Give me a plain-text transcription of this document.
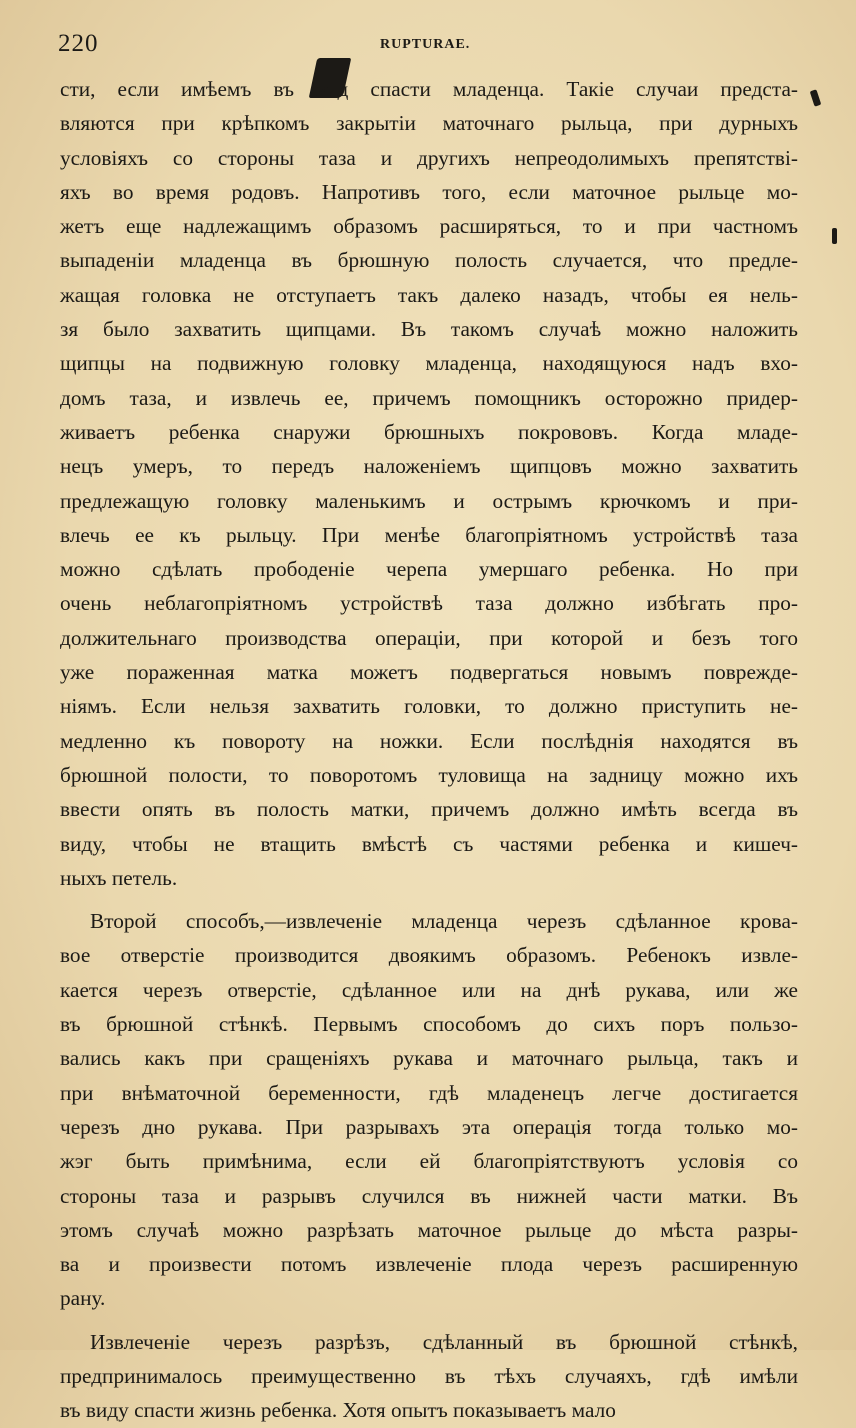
220	RUPTURAE.
сти, если имѣемъ въ вид спасти младенца. Такіе случаи предста-
вляются при крѣпкомъ закрытіи маточнаго рыльца, при дурныхъ
условіяхъ со стороны таза и другихъ непреодолимыхъ препятстві-
яхъ во время родовъ. Напротивъ того, если маточное рыльце мо-
жетъ еще надлежащимъ образомъ расширяться, то и при частномъ
выпаденіи младенца въ брюшную полость случается, что предле-
жащая головка не отступаетъ такъ далеко назадъ, чтобы ея нель-
зя было захватить щипцами. Въ такомъ случаѣ можно наложить
щипцы на подвижную головку младенца, находящуюся надъ вхо-
домъ таза, и извлечь ее, причемъ помощникъ осторожно придер-
живаетъ ребенка снаружи брюшныхъ покрововъ. Когда младе-
нецъ умеръ, то передъ наложеніемъ щипцовъ можно захватить
предлежащую головку маленькимъ и острымъ крючкомъ и при-
влечь ее къ рыльцу. При менѣе благопріятномъ устройствѣ таза
можно сдѣлать прободеніе черепа умершаго ребенка. Но при
очень неблагопріятномъ устройствѣ таза должно избѣгать про-
должительнаго производства операціи, при которой и безъ того
уже пораженная матка можетъ подвергаться новымъ поврежде-
ніямъ. Если нельзя захватить головки, то должно приступить не-
медленно къ повороту на ножки. Если послѣднія находятся въ
брюшной полости, то поворотомъ туловища на задницу можно ихъ
ввести опять въ полость матки, причемъ должно имѣть всегда въ
виду, чтобы не втащить вмѣстѣ съ частями ребенка и кишеч-
ныхъ петель.
Второй способъ,—извлеченіе младенца черезъ сдѣланное крова-
вое отверстіе производится двоякимъ образомъ. Ребенокъ извле-
кается черезъ отверстіе, сдѣланное или на днѣ рукава, или же
въ брюшной стѣнкѣ. Первымъ способомъ до сихъ поръ пользо-
вались какъ при сращеніяхъ рукава и маточнаго рыльца, такъ и
при внѣматочной беременности, гдѣ младенецъ легче достигается
черезъ дно рукава. При разрывахъ эта операція тогда только мо-
жэг быть примѣнима, если ей благопріятствуютъ условія со
стороны таза и разрывъ случился въ нижней части матки. Въ
этомъ случаѣ можно разрѣзать маточное рыльце до мѣста разры-
ва и произвести потомъ извлеченіе плода черезъ расширенную
рану.
Извлеченіе черезъ разрѣзъ, сдѣланный въ брюшной стѣнкѣ,
предпринималось преимущественно въ тѣхъ случаяхъ, гдѣ имѣли
въ виду спасти жизнь ребенка. Хотя опытъ показываетъ мало
